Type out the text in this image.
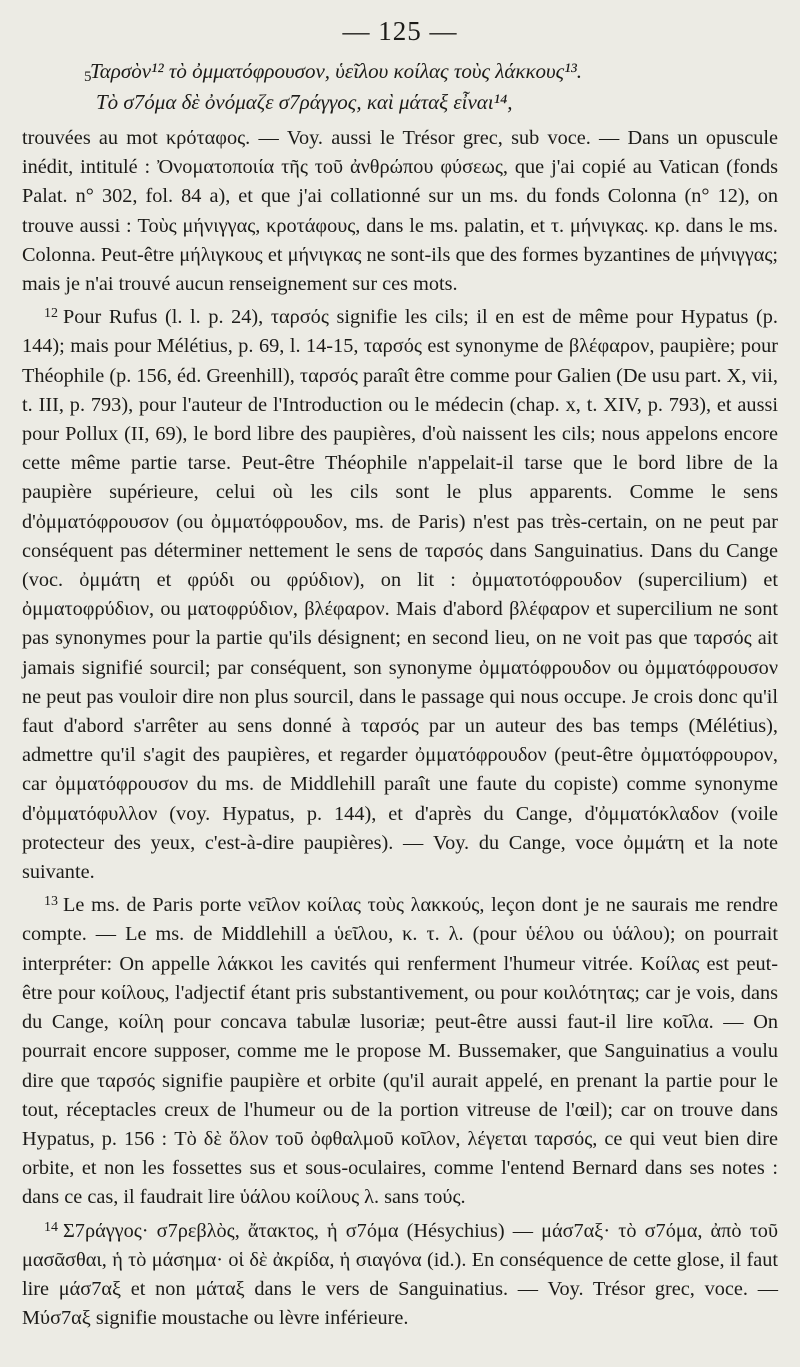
— 125 —
5
Ταρσὸν¹² τὸ ὀμματόφρουσον, ὑεῖλου κοίλας τοὺς λάκκους¹³.
Τὸ σ7όμα δὲ ὀνόμαζε σ7ράγγος, καὶ μάταξ εἶναι¹⁴,

trouvées au mot κρόταφος. — Voy. aussi le Trésor grec, sub voce. — Dans un opuscule inédit, intitulé : Ὀνοματοποιία τῆς τοῦ ἀνθρώπου φύσεως, que j'ai copié au Vatican (fonds Palat. n° 302, fol. 84 a), et que j'ai collationné sur un ms. du fonds Colonna (n° 12), on trouve aussi : Τοὺς μήνιγγας, κροτάφους, dans le ms. palatin, et τ. μήνιγκας. κρ. dans le ms. Colonna. Peut-être μήλιγκους et μήνιγκας ne sont-ils que des formes byzantines de μήνιγγας; mais je n'ai trouvé aucun renseignement sur ces mots.

$^{12}$ Pour Rufus (l. l. p. 24), ταρσός signifie les cils; il en est de même pour Hypatus (p. 144); mais pour Mélétius, p. 69, l. 14-15, ταρσός est synonyme de βλέφαρον, paupière; pour Théophile (p. 156, éd. Greenhill), ταρσός paraît être comme pour Galien (De usu part. X, vii, t. III, p. 793), pour l'auteur de l'Introduction ou le médecin (chap. x, t. XIV, p. 793), et aussi pour Pollux (II, 69), le bord libre des paupières, d'où naissent les cils; nous appelons encore cette même partie tarse. Peut-être Théophile n'appelait-il tarse que le bord libre de la paupière supérieure, celui où les cils sont le plus apparents. Comme le sens d'ὀμματόφρουσον (ou ὀμματόφρουδον, ms. de Paris) n'est pas très-certain, on ne peut par conséquent pas déterminer nettement le sens de ταρσός dans Sanguinatius. Dans du Cange (voc. ὀμμάτη et φρύδι ou φρύδιον), on lit : ὀμματοτόφρουδον (supercilium) et ὀμματοφρύδιον, ou ματοφρύδιον, βλέφαρον. Mais d'abord βλέφαρον et supercilium ne sont pas synonymes pour la partie qu'ils désignent; en second lieu, on ne voit pas que ταρσός ait jamais signifié sourcil; par conséquent, son synonyme ὀμματόφρουδον ou ὀμματόφρουσον ne peut pas vouloir dire non plus sourcil, dans le passage qui nous occupe. Je crois donc qu'il faut d'abord s'arrêter au sens donné à ταρσός par un auteur des bas temps (Mélétius), admettre qu'il s'agit des paupières, et regarder ὀμματόφρουδον (peut-être ὀμματόφρουρον, car ὀμματόφρουσον du ms. de Middlehill paraît une faute du copiste) comme synonyme d'ὀμματόφυλλον (voy. Hypatus, p. 144), et d'après du Cange, d'ὀμματόκλαδον (voile protecteur des yeux, c'est-à-dire paupières). — Voy. du Cange, voce ὀμμάτη et la note suivante.

$^{13}$ Le ms. de Paris porte νεῖλον κοίλας τοὺς λακκούς, leçon dont je ne saurais me rendre compte. — Le ms. de Middlehill a ὑεῖλου, κ. τ. λ. (pour ὑέλου ou ὑάλου); on pourrait interpréter: On appelle λάκκοι les cavités qui renferment l'humeur vitrée. Κοίλας est peut-être pour κοίλους, l'adjectif étant pris substantivement, ou pour κοιλότητας; car je vois, dans du Cange, κοίλη pour concava tabulæ lusoriæ; peut-être aussi faut-il lire κοῖλα. — On pourrait encore supposer, comme me le propose M. Bussemaker, que Sanguinatius a voulu dire que ταρσός signifie paupière et orbite (qu'il aurait appelé, en prenant la partie pour le tout, réceptacles creux de l'humeur ou de la portion vitreuse de l'œil); car on trouve dans Hypatus, p. 156 : Τὸ δὲ ὅλον τοῦ ὀφθαλμοῦ κοῖλον, λέγεται ταρσός, ce qui veut bien dire orbite, et non les fossettes sus et sous-oculaires, comme l'entend Bernard dans ses notes : dans ce cas, il faudrait lire ὑάλου κοίλους λ. sans τούς.

$^{14}$ Σ7ράγγος· σ7ρεβλὸς, ἄτακτος, ἡ σ7όμα (Hésychius) — μάσ7αξ· τὸ σ7όμα, ἀπὸ τοῦ μασᾶσθαι, ἡ τὸ μάσημα· οἱ δὲ ἀκρίδα, ἡ σιαγόνα (id.). En conséquence de cette glose, il faut lire μάσ7αξ et non μάταξ dans le vers de Sanguinatius. — Voy. Trésor grec, voce. — Μύσ7αξ signifie moustache ou lèvre inférieure.
